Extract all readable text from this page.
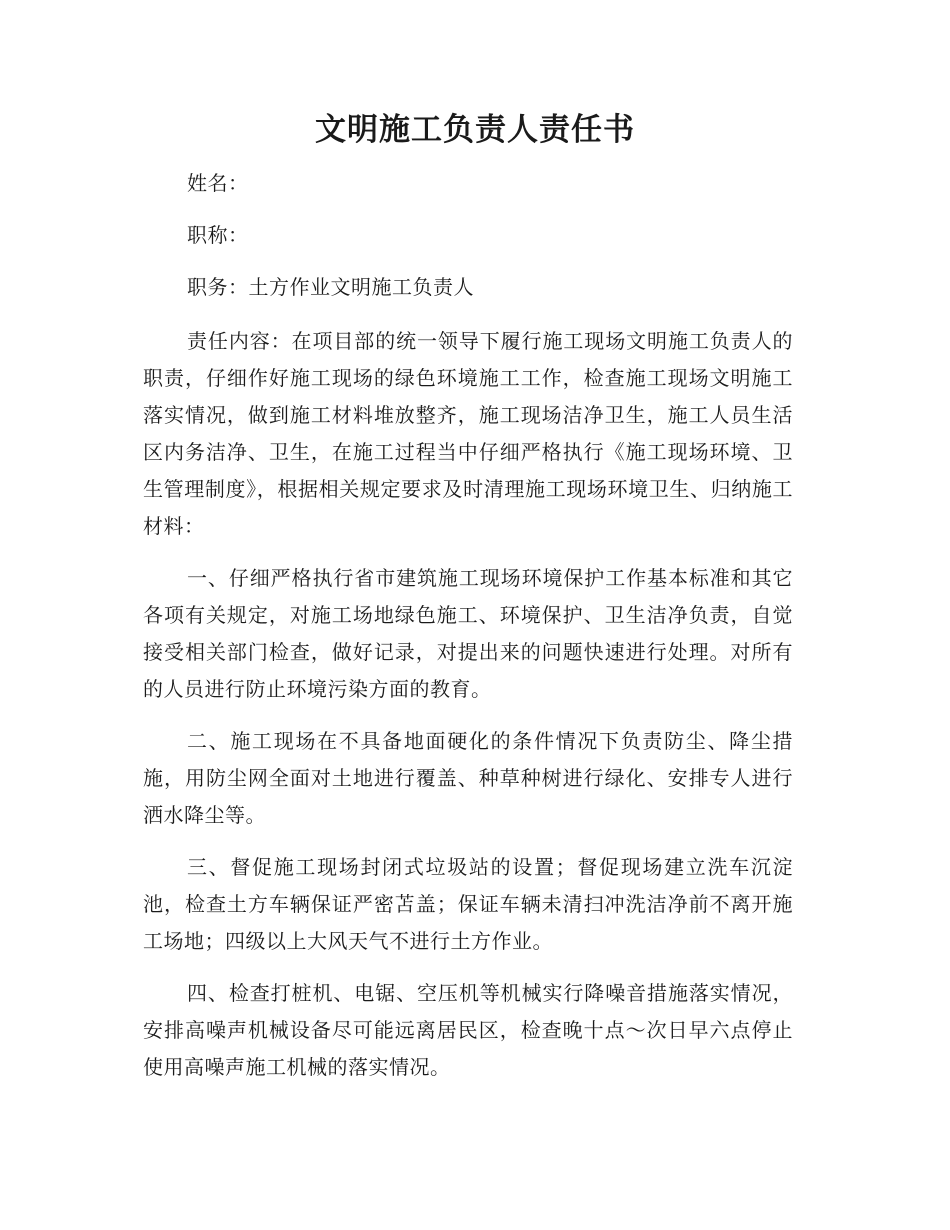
文明施工负责人责任书

姓名：

职称：

职务：土方作业文明施工负责人

责任内容：在项目部的统一领导下履行施工现场文明施工负责人的职责，仔细作好施工现场的绿色环境施工工作，检查施工现场文明施工落实情况，做到施工材料堆放整齐，施工现场洁净卫生，施工人员生活区内务洁净、卫生，在施工过程当中仔细严格执行《施工现场环境、卫生管理制度》，根据相关规定要求及时清理施工现场环境卫生、归纳施工材料：

一、仔细严格执行省市建筑施工现场环境保护工作基本标准和其它各项有关规定，对施工场地绿色施工、环境保护、卫生洁净负责，自觉接受相关部门检查，做好记录，对提出来的问题快速进行处理。对所有的人员进行防止环境污染方面的教育。

二、施工现场在不具备地面硬化的条件情况下负责防尘、降尘措施，用防尘网全面对土地进行覆盖、种草种树进行绿化、安排专人进行洒水降尘等。

三、督促施工现场封闭式垃圾站的设置；督促现场建立洗车沉淀池，检查土方车辆保证严密苫盖；保证车辆未清扫冲洗洁净前不离开施工场地；四级以上大风天气不进行土方作业。

四、检查打桩机、电锯、空压机等机械实行降噪音措施落实情况，安排高噪声机械设备尽可能远离居民区，检查晚十点～次日早六点停止使用高噪声施工机械的落实情况。
